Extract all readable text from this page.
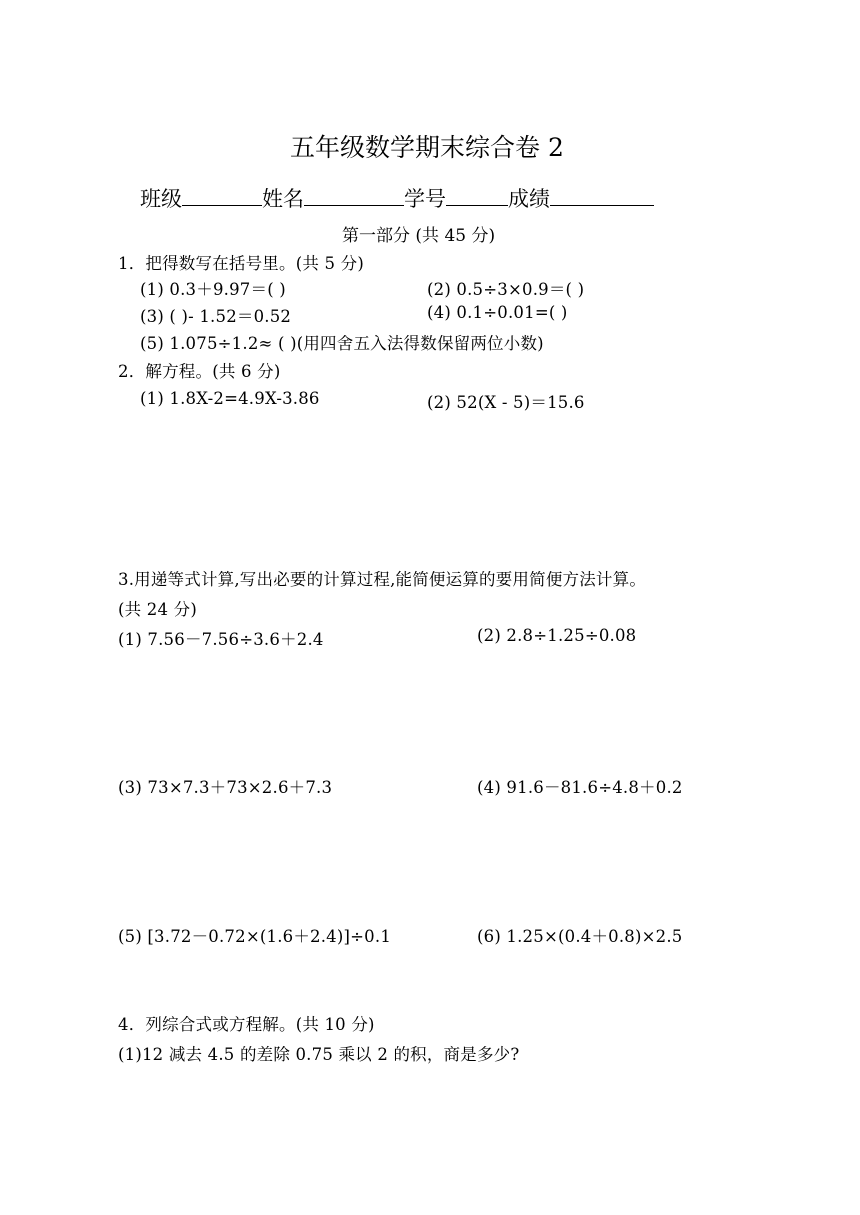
五年级数学期末综合卷 2
班级	姓名	学号	成绩
第一部分 (共 45 分)
1．把得数写在括号里。(共 5 分)
(1) 0.3＋9.97＝( )	(2) 0.5÷3×0.9＝( )
(3) ( )- 1.52＝0.52	(4) 0.1÷0.01=( )
(5) 1.075÷1.2≈ ( )(用四舍五入法得数保留两位小数)
2．解方程。(共 6 分)
(1) 1.8X-2=4.9X-3.86	(2) 52(X - 5)＝15.6
3.用递等式计算,写出必要的计算过程,能简便运算的要用简便方法计算。
(共 24 分)
(1) 7.56－7.56÷3.6＋2.4	(2) 2.8÷1.25÷0.08
(3) 73×7.3＋73×2.6＋7.3	(4) 91.6－81.6÷4.8＋0.2
(5) [3.72－0.72×(1.6＋2.4)]÷0.1	(6) 1.25×(0.4＋0.8)×2.5
4．列综合式或方程解。(共 10 分)
(1)12 减去 4.5 的差除 0.75 乘以 2 的积，商是多少?
